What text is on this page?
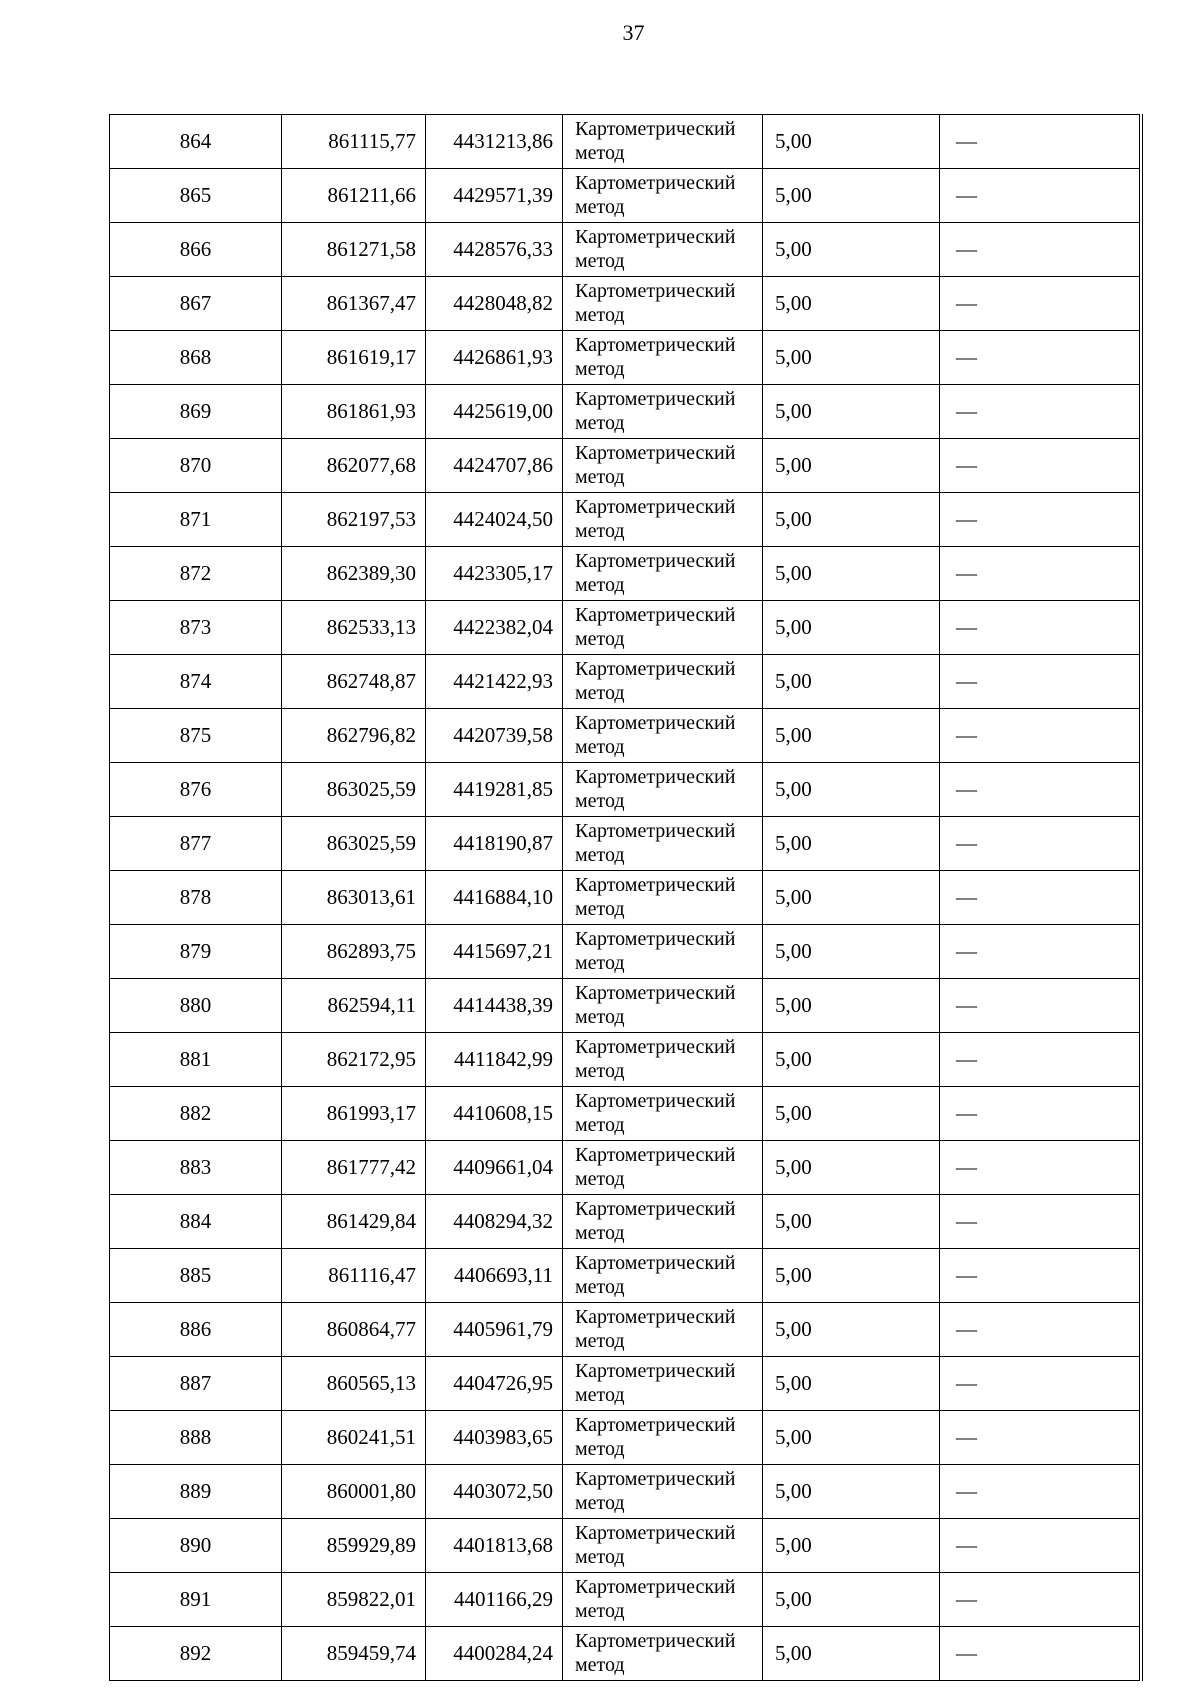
37
864	861115,77	4431213,86	Картометрический метод	5,00	—
865	861211,66	4429571,39	Картометрический метод	5,00	—
866	861271,58	4428576,33	Картометрический метод	5,00	—
867	861367,47	4428048,82	Картометрический метод	5,00	—
868	861619,17	4426861,93	Картометрический метод	5,00	—
869	861861,93	4425619,00	Картометрический метод	5,00	—
870	862077,68	4424707,86	Картометрический метод	5,00	—
871	862197,53	4424024,50	Картометрический метод	5,00	—
872	862389,30	4423305,17	Картометрический метод	5,00	—
873	862533,13	4422382,04	Картометрический метод	5,00	—
874	862748,87	4421422,93	Картометрический метод	5,00	—
875	862796,82	4420739,58	Картометрический метод	5,00	—
876	863025,59	4419281,85	Картометрический метод	5,00	—
877	863025,59	4418190,87	Картометрический метод	5,00	—
878	863013,61	4416884,10	Картометрический метод	5,00	—
879	862893,75	4415697,21	Картометрический метод	5,00	—
880	862594,11	4414438,39	Картометрический метод	5,00	—
881	862172,95	4411842,99	Картометрический метод	5,00	—
882	861993,17	4410608,15	Картометрический метод	5,00	—
883	861777,42	4409661,04	Картометрический метод	5,00	—
884	861429,84	4408294,32	Картометрический метод	5,00	—
885	861116,47	4406693,11	Картометрический метод	5,00	—
886	860864,77	4405961,79	Картометрический метод	5,00	—
887	860565,13	4404726,95	Картометрический метод	5,00	—
888	860241,51	4403983,65	Картометрический метод	5,00	—
889	860001,80	4403072,50	Картометрический метод	5,00	—
890	859929,89	4401813,68	Картометрический метод	5,00	—
891	859822,01	4401166,29	Картометрический метод	5,00	—
892	859459,74	4400284,24	Картометрический метод	5,00	—
